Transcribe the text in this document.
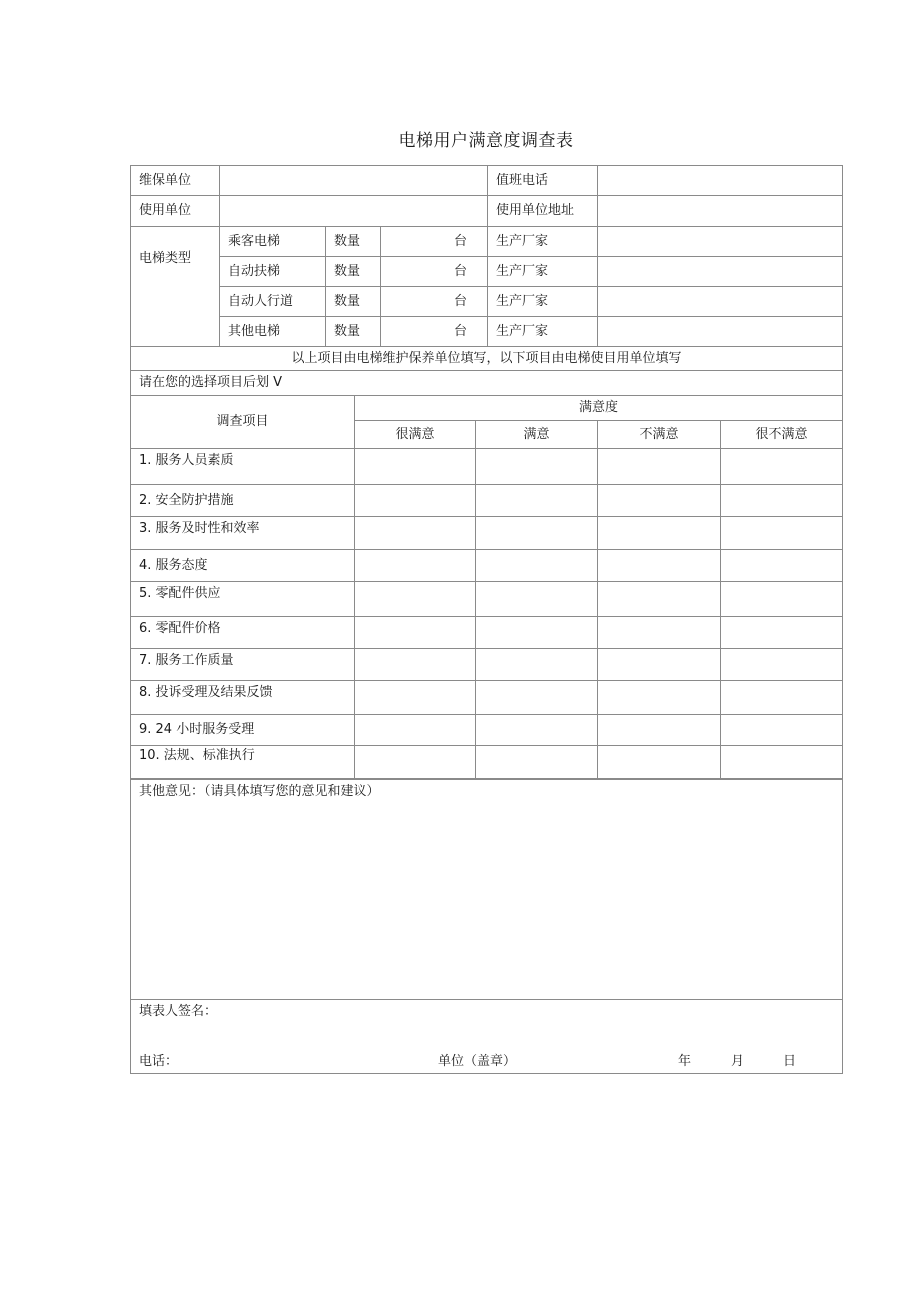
电梯用户满意度调查表
维保单位				值班电话	
使用单位				使用单位地址	
电梯类型	乘客电梯	数量	台	生产厂家	
	自动扶梯	数量	台	生产厂家	
	自动人行道	数量	台	生产厂家	
	其他电梯	数量	台	生产厂家	
以上项目由电梯维护保养单位填写，以下项目由电梯使目用单位填写					
请在您的选择项目后划 V				
调查项目	满意度			
	很满意	满意	不满意	很不满意
1. 服务人员素质				
2. 安全防护措施				
3. 服务及时性和效率				
4. 服务态度				
5. 零配件供应				
6. 零配件价格				
7. 服务工作质量				
8. 投诉受理及结果反馈				
9. 24 小时服务受理				
10. 法规、标准执行				
其他意见：（请具体填写您的意见和建议）

填表人签名：
电话：	单位（盖章）	年	月	日
